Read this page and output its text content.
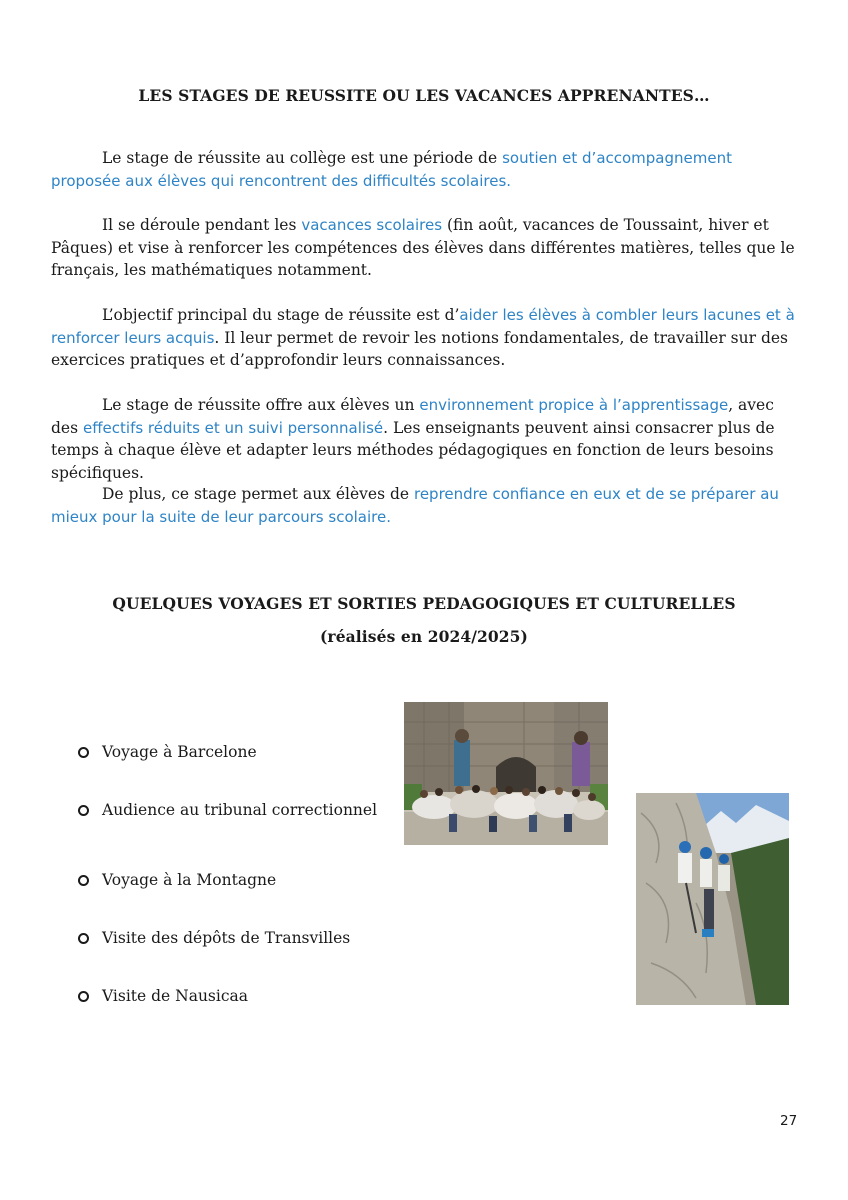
LES STAGES DE REUSSITE OU LES VACANCES APPRENANTES…
Le stage de réussite au collège est une période de soutien et d’accompagnement proposée aux élèves qui rencontrent des difficultés scolaires.
Il se déroule pendant les vacances scolaires (fin août, vacances de Toussaint, hiver et Pâques) et vise à renforcer les compétences des élèves dans différentes matières, telles que le français, les mathématiques notamment.
L’objectif principal du stage de réussite est d’aider les élèves à combler leurs lacunes et à renforcer leurs acquis. Il leur permet de revoir les notions fondamentales, de travailler sur des exercices pratiques et d’approfondir leurs connaissances.
Le stage de réussite offre aux élèves un environnement propice à l’apprentissage, avec des effectifs réduits et un suivi personnalisé. Les enseignants peuvent ainsi consacrer plus de temps à chaque élève et adapter leurs méthodes pédagogiques en fonction de leurs besoins spécifiques.
De plus, ce stage permet aux élèves de reprendre confiance en eux et de se préparer au mieux pour la suite de leur parcours scolaire.
QUELQUES VOYAGES ET SORTIES PEDAGOGIQUES ET CULTURELLES
(réalisés en 2024/2025)
Voyage à Barcelone
Audience au tribunal correctionnel
Voyage à la Montagne
Visite des dépôts de Transvilles
Visite de Nausicaa
27
